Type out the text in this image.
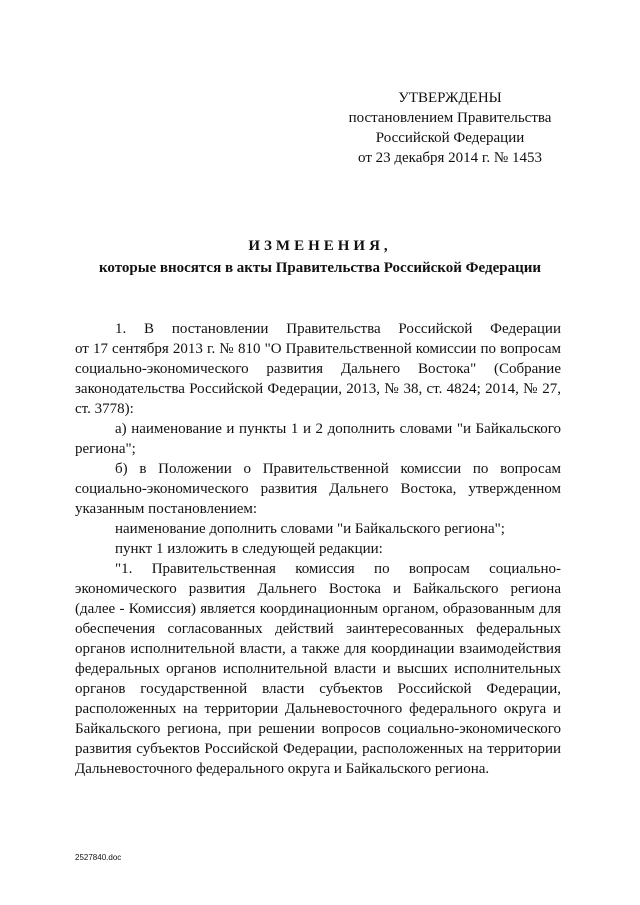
УТВЕРЖДЕНЫ
постановлением Правительства
Российской Федерации
от 23 декабря 2014 г. № 1453
ИЗМЕНЕНИЯ,
которые вносятся в акты Правительства Российской Федерации
1. В постановлении Правительства Российской Федерации
от 17 сентября 2013 г. № 810 "О Правительственной комиссии по вопросам
социально-экономического развития Дальнего Востока" (Собрание
законодательства Российской Федерации, 2013, № 38, ст. 4824; 2014, № 27,
ст. 3778):
а) наименование и пункты 1 и 2 дополнить словами "и Байкальского
региона";
б) в Положении о Правительственной комиссии по вопросам
социально-экономического развития Дальнего Востока, утвержденном
указанным постановлением:
наименование дополнить словами "и Байкальского региона";
пункт 1 изложить в следующей редакции:
"1. Правительственная комиссия по вопросам социально-
экономического развития Дальнего Востока и Байкальского региона
(далее - Комиссия) является координационным органом, образованным для
обеспечения согласованных действий заинтересованных федеральных
органов исполнительной власти, а также для координации взаимодействия
федеральных органов исполнительной власти и высших исполнительных
органов государственной власти субъектов Российской Федерации,
расположенных на территории Дальневосточного федерального округа и
Байкальского региона, при решении вопросов социально-экономического
развития субъектов Российской Федерации, расположенных на территории
Дальневосточного федерального округа и Байкальского региона.
2527840.doc
